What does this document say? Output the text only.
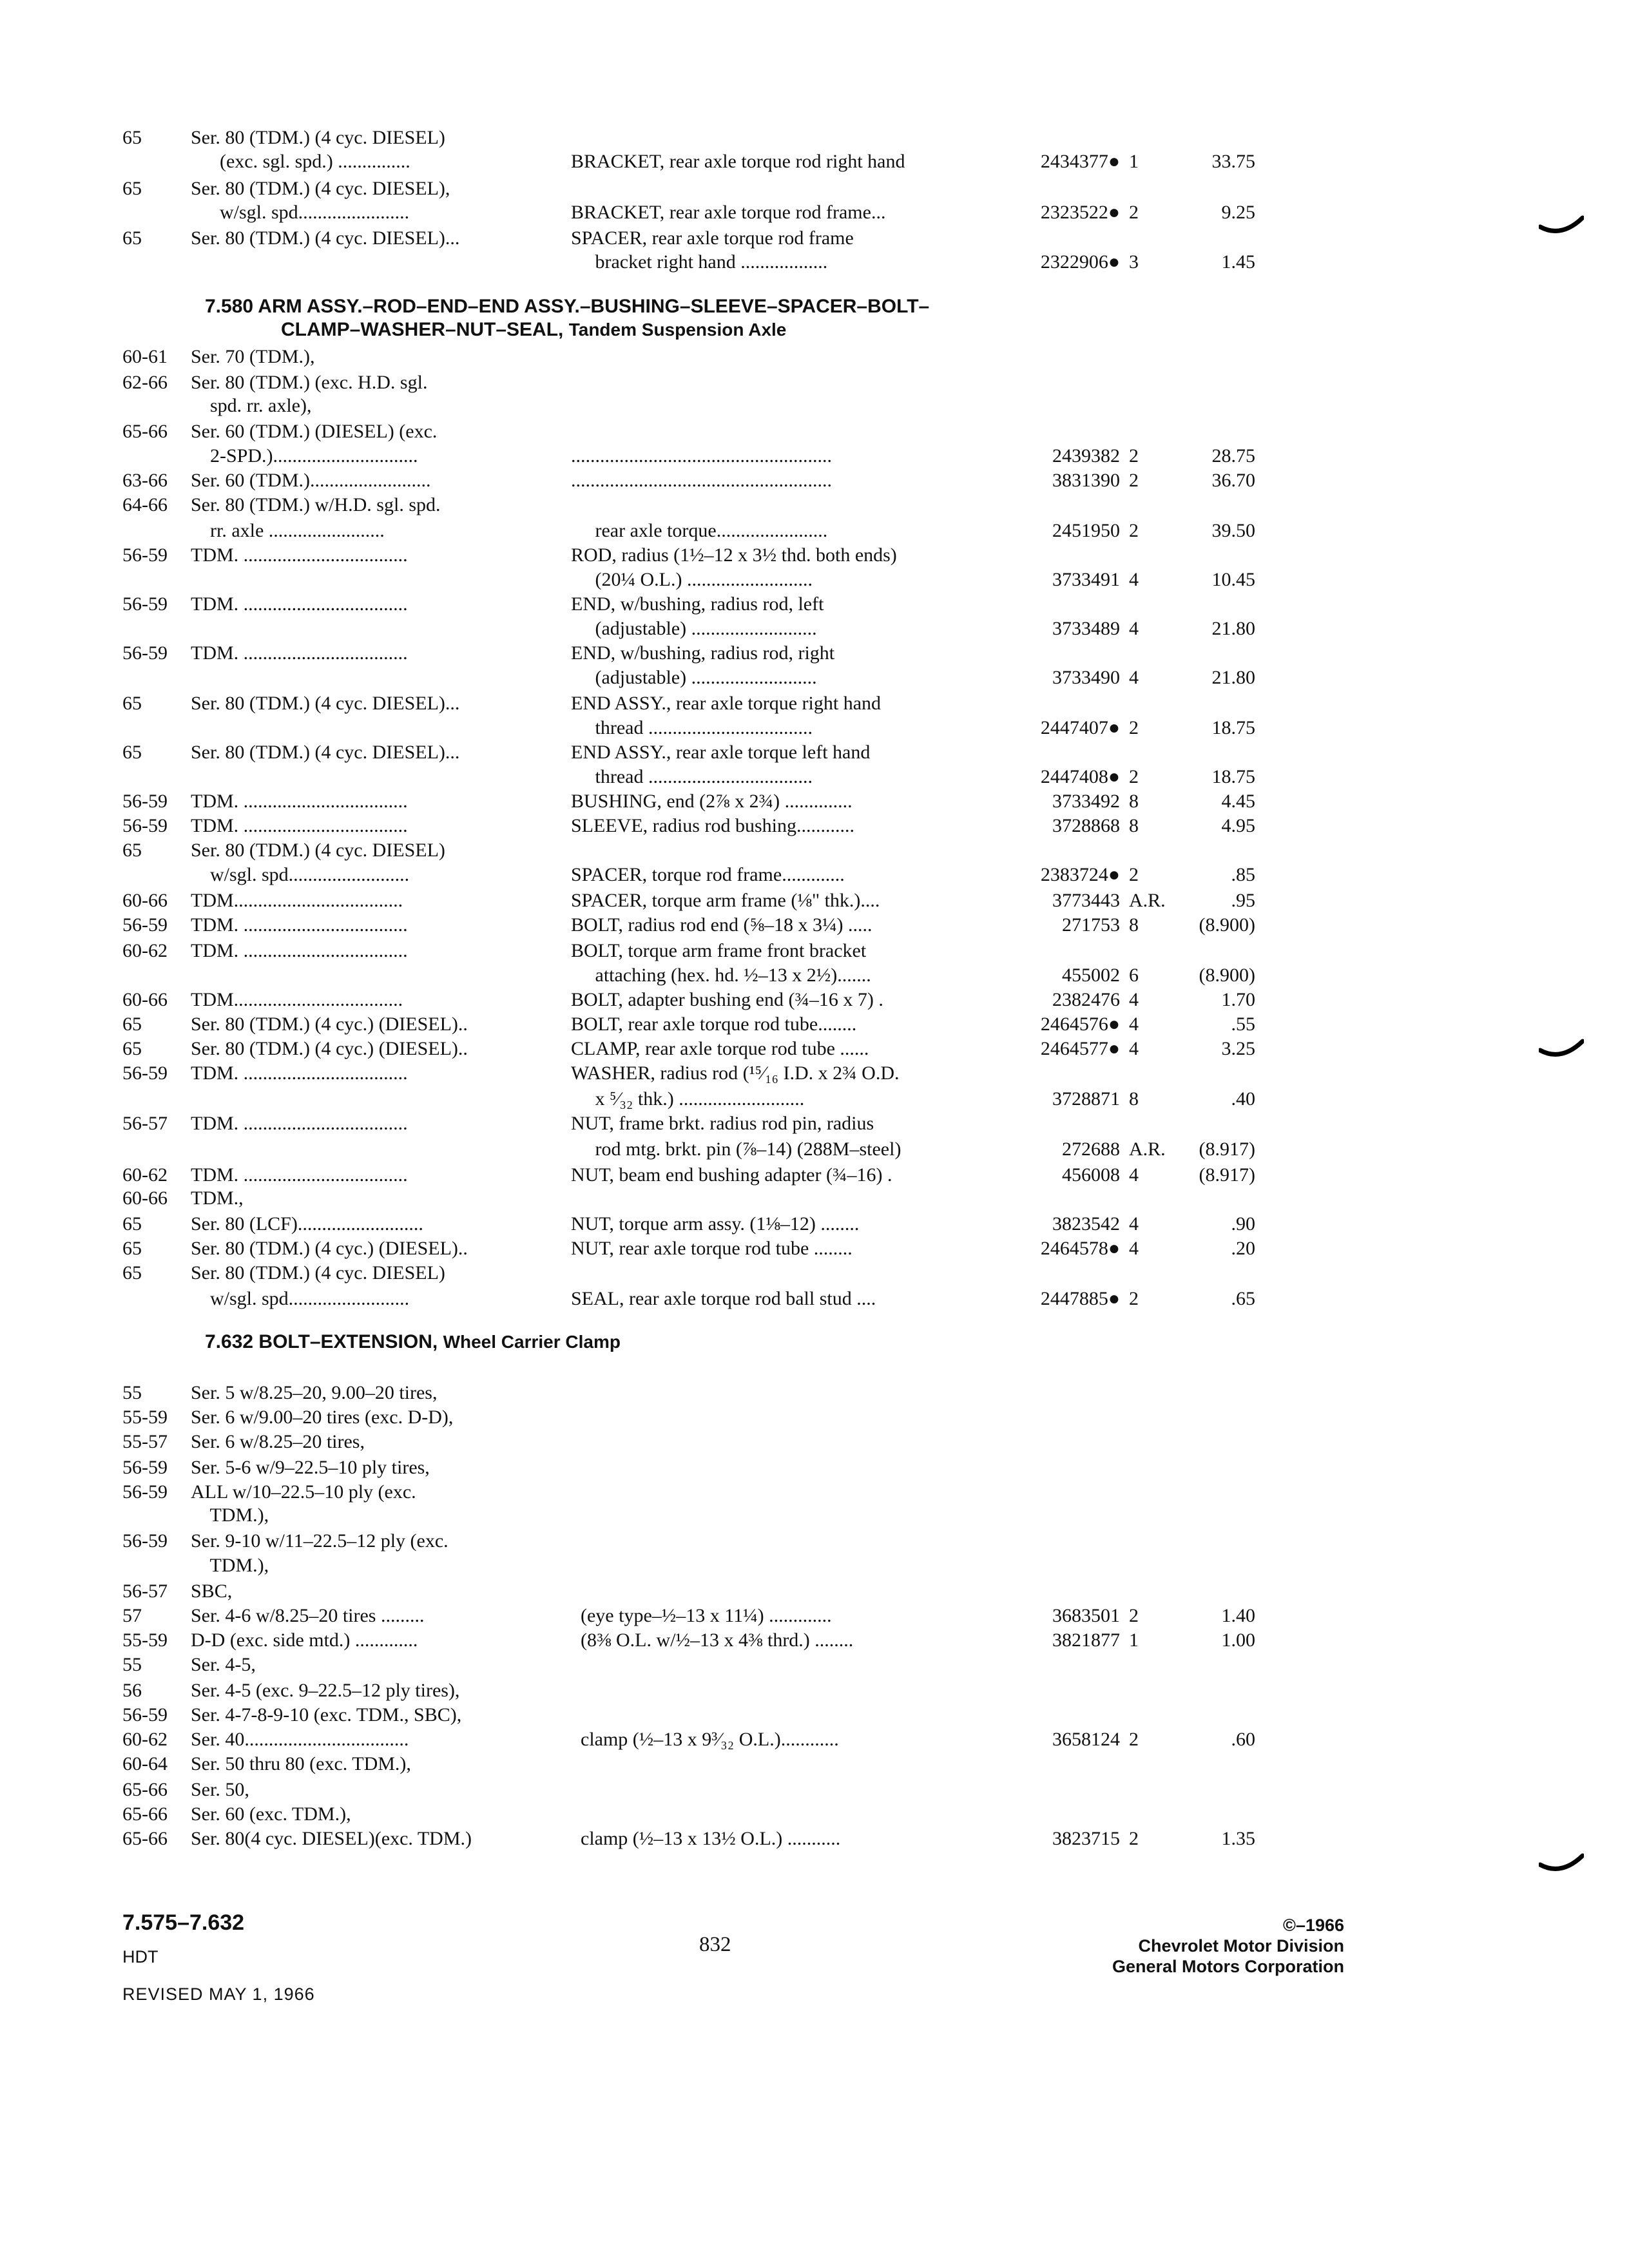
65	Ser. 80 (TDM.) (4 cyc. DIESEL)
(exc. sgl. spd.) ...............	BRACKET, rear axle torque rod right hand	2434377● 1	33.75
65	Ser. 80 (TDM.) (4 cyc. DIESEL),
w/sgl. spd.......................	BRACKET, rear axle torque rod frame...	2323522● 2	9.25
65	Ser. 80 (TDM.) (4 cyc. DIESEL)...	SPACER, rear axle torque rod frame
bracket right hand ..................	2322906● 3	1.45
60-61 Ser. 70 (TDM.),
62-66 Ser. 80 (TDM.) (exc. H.D. sgl.
spd. rr. axle),
65-66 Ser. 60 (TDM.) (DIESEL) (exc.
2-SPD.)..............................	......................................................	2439382 2	28.75
63-66 Ser. 60 (TDM.).........................	......................................................	3831390 2	36.70
64-66 Ser. 80 (TDM.) w/H.D. sgl. spd.
rr. axle ........................	rear axle torque.......................	2451950 2	39.50
56-59 TDM. ..................................	ROD, radius (1½–12 x 3½ thd. both ends)
(20¼ O.L.) ..........................	3733491 4	10.45
56-59 TDM. ..................................	END, w/bushing, radius rod, left
(adjustable) ..........................	3733489 4	21.80
56-59 TDM. ..................................	END, w/bushing, radius rod, right
(adjustable) ..........................	3733490 4	21.80
65	Ser. 80 (TDM.) (4 cyc. DIESEL)...	END ASSY., rear axle torque right hand
thread ..................................	2447407● 2	18.75
65	Ser. 80 (TDM.) (4 cyc. DIESEL)...	END ASSY., rear axle torque left hand
thread ..................................	2447408● 2	18.75
56-59 TDM. ..................................	BUSHING, end (2⅞ x 2¾) ..............	3733492 8	4.45
56-59 TDM. ..................................	SLEEVE, radius rod bushing............	3728868 8	4.95
65	Ser. 80 (TDM.) (4 cyc. DIESEL)
w/sgl. spd.........................	SPACER, torque rod frame.............	2383724● 2	.85
60-66 TDM...................................	SPACER, torque arm frame (⅛" thk.)....	3773443 A.R.	.95
56-59 TDM. ..................................	BOLT, radius rod end (⅝–18 x 3¼) .....	271753 8	(8.900)
60-62 TDM. ..................................	BOLT, torque arm frame front bracket
attaching (hex. hd. ½–13 x 2½).......	455002 6	(8.900)
60-66 TDM...................................	BOLT, adapter bushing end (¾–16 x 7) .	2382476 4	1.70
65	Ser. 80 (TDM.) (4 cyc.) (DIESEL)..	BOLT, rear axle torque rod tube........	2464576● 4	.55
65	Ser. 80 (TDM.) (4 cyc.) (DIESEL)..	CLAMP, rear axle torque rod tube ......	2464577● 4	3.25
56-59 TDM. ..................................	WASHER, radius rod (¹⁵⁄₁₆ I.D. x 2¾ O.D.
x ⁵⁄₃₂ thk.) ..........................	3728871 8	.40
56-57 TDM. ..................................	NUT, frame brkt. radius rod pin, radius
rod mtg. brkt. pin (⅞–14) (288M–steel)	272688 A.R. (8.917)
60-62 TDM. ..................................	NUT, beam end bushing adapter (¾–16) .	456008 4	(8.917)
60-66 TDM.,
65	Ser. 80 (LCF)..........................	NUT, torque arm assy. (1⅛–12) ........	3823542 4	.90
65	Ser. 80 (TDM.) (4 cyc.) (DIESEL)..	NUT, rear axle torque rod tube ........	2464578● 4	.20
65	Ser. 80 (TDM.) (4 cyc. DIESEL)
w/sgl. spd.........................	SEAL, rear axle torque rod ball stud ....	2447885● 2	.65
7.580 ARM ASSY.–ROD–END–END ASSY.–BUSHING–SLEEVE–SPACER–BOLT–
CLAMP–WASHER–NUT–SEAL, Tandem Suspension Axle
7.632 BOLT–EXTENSION, Wheel Carrier Clamp
55	Ser. 5 w/8.25–20, 9.00–20 tires,
55-59 Ser. 6 w/9.00–20 tires (exc. D-D),
55-57 Ser. 6 w/8.25–20 tires,
56-59 Ser. 5-6 w/9–22.5–10 ply tires,
56-59 ALL w/10–22.5–10 ply (exc.
TDM.),
56-59 Ser. 9-10 w/11–22.5–12 ply (exc.
TDM.),
56-57 SBC,
57	Ser. 4-6 w/8.25–20 tires .........	(eye type–½–13 x 11¼) .............	3683501 2	1.40
55-59 D-D (exc. side mtd.) .............	(8⅜ O.L. w/½–13 x 4⅜ thrd.) ........	3821877 1	1.00
55	Ser. 4-5,
56	Ser. 4-5 (exc. 9–22.5–12 ply tires),
56-59 Ser. 4-7-8-9-10 (exc. TDM., SBC),
60-62 Ser. 40..................................	clamp (½–13 x 9³⁄₃₂ O.L.)............	3658124 2	.60
60-64 Ser. 50 thru 80 (exc. TDM.),
65-66 Ser. 50,
65-66 Ser. 60 (exc. TDM.),
65-66 Ser. 80(4 cyc. DIESEL)(exc. TDM.)	clamp (½–13 x 13½ O.L.) ...........	3823715 2	1.35
7.575–7.632
HDT
REVISED MAY 1, 1966
832
©–1966
Chevrolet Motor Division
General Motors Corporation
